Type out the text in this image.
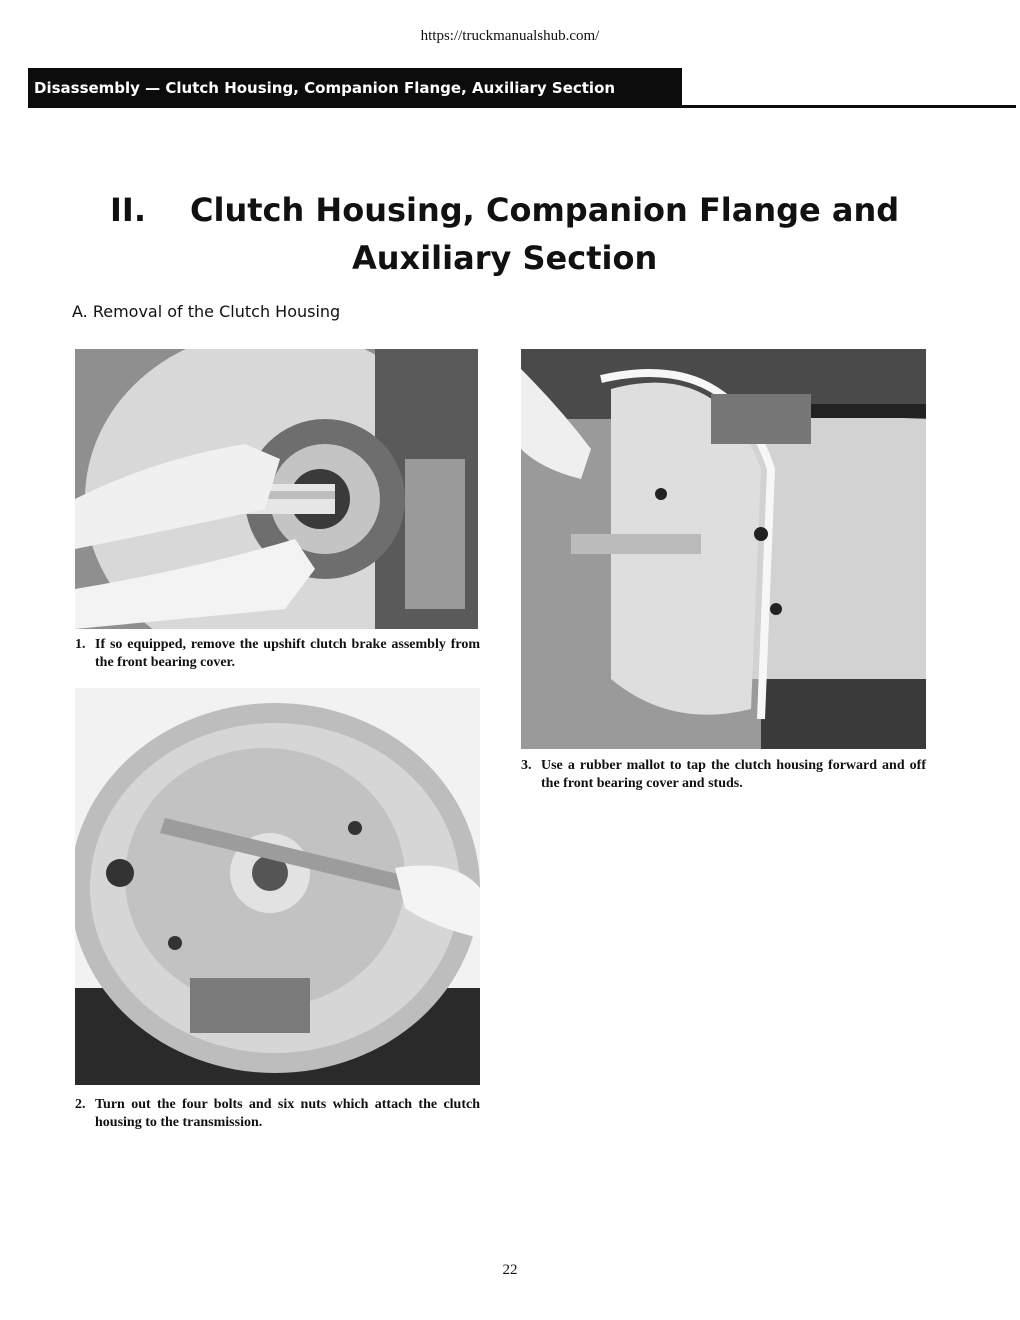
https://truckmanualshub.com/
Disassembly — Clutch Housing, Companion Flange, Auxiliary Section
II. Clutch Housing, Companion Flange and
Auxiliary Section
A. Removal of the Clutch Housing
1. If so equipped, remove the upshift clutch brake assembly from the front bearing cover.
2. Turn out the four bolts and six nuts which attach the clutch housing to the transmission.
3. Use a rubber mallot to tap the clutch housing forward and off the front bearing cover and studs.
22
